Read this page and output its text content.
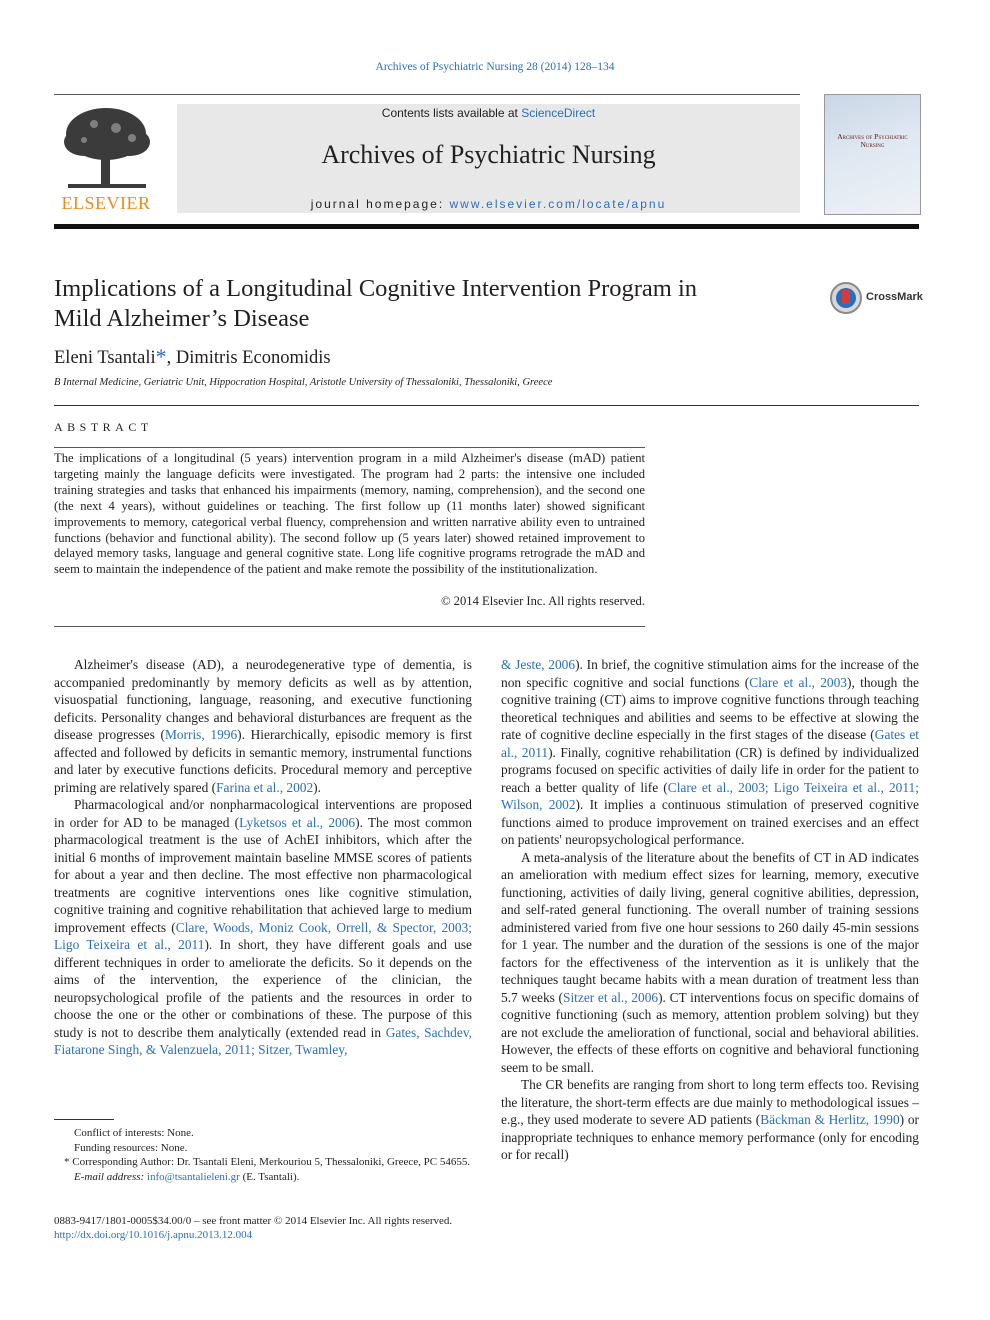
Archives of Psychiatric Nursing 28 (2014) 128–134
ELSEVIER
Contents lists available at ScienceDirect
Archives of Psychiatric Nursing
journal homepage: www.elsevier.com/locate/apnu
Archives of Psychiatric Nursing
Implications of a Longitudinal Cognitive Intervention Program in
Mild Alzheimer’s Disease
CrossMark
Eleni Tsantali*, Dimitris Economidis
B Internal Medicine, Geriatric Unit, Hippocration Hospital, Aristotle University of Thessaloniki, Thessaloniki, Greece
ABSTRACT
The implications of a longitudinal (5 years) intervention program in a mild Alzheimer's disease (mAD) patient targeting mainly the language deficits were investigated. The program had 2 parts: the intensive one included training strategies and tasks that enhanced his impairments (memory, naming, comprehension), and the second one (the next 4 years), without guidelines or teaching. The first follow up (11 months later) showed significant improvements to memory, categorical verbal fluency, comprehension and written narrative ability even to untrained functions (behavior and functional ability). The second follow up (5 years later) showed retained improvement to delayed memory tasks, language and general cognitive state. Long life cognitive programs retrograde the mAD and seem to maintain the independence of the patient and make remote the possibility of the institutionalization.
© 2014 Elsevier Inc. All rights reserved.

Alzheimer's disease (AD), a neurodegenerative type of dementia, is accompanied predominantly by memory deficits as well as by attention, visuospatial functioning, language, reasoning, and executive functioning deficits. Personality changes and behavioral disturbances are frequent as the disease progresses (Morris, 1996). Hierarchically, episodic memory is first affected and followed by deficits in semantic memory, instrumental functions and later by executive functions deficits. Procedural memory and perceptive priming are relatively spared (Farina et al., 2002).

Pharmacological and/or nonpharmacological interventions are proposed in order for AD to be managed (Lyketsos et al., 2006). The most common pharmacological treatment is the use of AchEI inhibitors, which after the initial 6 months of improvement maintain baseline MMSE scores of patients for about a year and then decline. The most effective non pharmacological treatments are cognitive interventions ones like cognitive stimulation, cognitive training and cognitive rehabilitation that achieved large to medium improvement effects (Clare, Woods, Moniz Cook, Orrell, & Spector, 2003; Ligo Teixeira et al., 2011). In short, they have different goals and use different techniques in order to ameliorate the deficits. So it depends on the aims of the intervention, the experience of the clinician, the neuropsychological profile of the patients and the resources in order to choose the one or the other or combinations of these. The purpose of this study is not to describe them analytically (extended read in Gates, Sachdev, Fiatarone Singh, & Valenzuela, 2011; Sitzer, Twamley,

& Jeste, 2006). In brief, the cognitive stimulation aims for the increase of the non specific cognitive and social functions (Clare et al., 2003), though the cognitive training (CT) aims to improve cognitive functions through teaching theoretical techniques and abilities and seems to be effective at slowing the rate of cognitive decline especially in the first stages of the disease (Gates et al., 2011). Finally, cognitive rehabilitation (CR) is defined by individualized programs focused on specific activities of daily life in order for the patient to reach a better quality of life (Clare et al., 2003; Ligo Teixeira et al., 2011; Wilson, 2002). It implies a continuous stimulation of preserved cognitive functions aimed to produce improvement on trained exercises and an effect on patients' neuropsychological performance.

A meta-analysis of the literature about the benefits of CT in AD indicates an amelioration with medium effect sizes for learning, memory, executive functioning, activities of daily living, general cognitive abilities, depression, and self-rated general functioning. The overall number of training sessions administered varied from five one hour sessions to 260 daily 45-min sessions for 1 year. The number and the duration of the sessions is one of the major factors for the effectiveness of the intervention as it is unlikely that the techniques taught became habits with a mean duration of treatment less than 5.7 weeks (Sitzer et al., 2006). CT interventions focus on specific domains of cognitive functioning (such as memory, attention problem solving) but they are not exclude the amelioration of functional, social and behavioral abilities. However, the effects of these efforts on cognitive and behavioral functioning seem to be small.

The CR benefits are ranging from short to long term effects too. Revising the literature, the short-term effects are due mainly to methodological issues – e.g., they used moderate to severe AD patients (Bäckman & Herlitz, 1990) or inappropriate techniques to enhance memory performance (only for encoding or for recall)

Conflict of interests: None.
Funding resources: None.
* Corresponding Author: Dr. Tsantali Eleni, Merkouriou 5, Thessaloniki, Greece, PC 54655.
E-mail address: info@tsantalieleni.gr (E. Tsantali).
0883-9417/1801-0005$34.00/0 – see front matter © 2014 Elsevier Inc. All rights reserved.
http://dx.doi.org/10.1016/j.apnu.2013.12.004
